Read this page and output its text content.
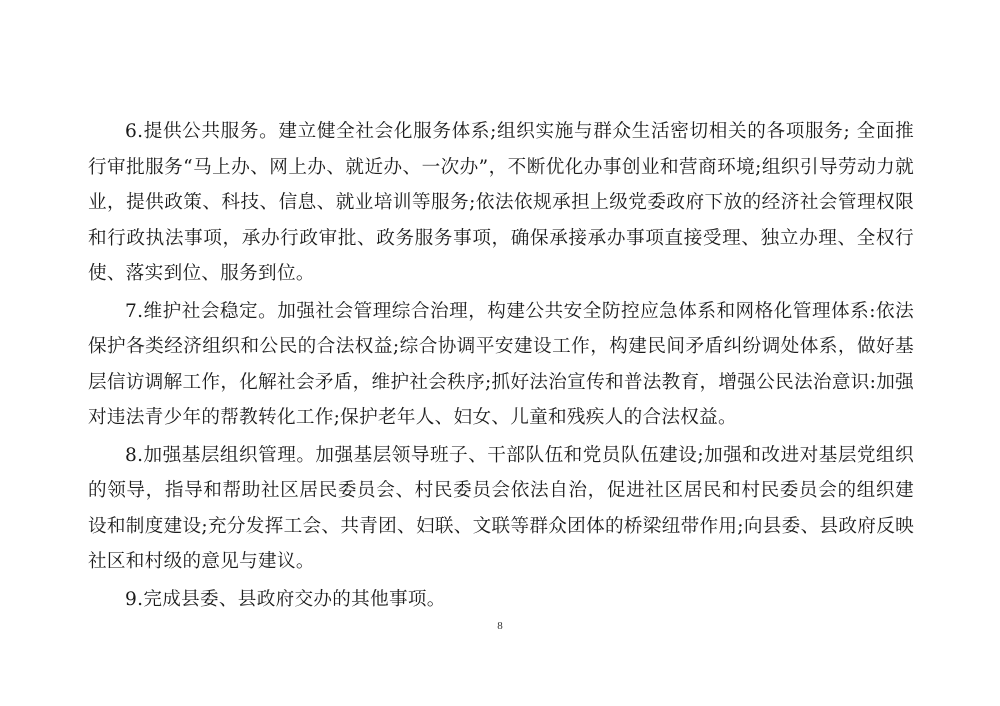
6.提供公共服务。建立健全社会化服务体系;组织实施与群众生活密切相关的各项服务; 全面推行审批服务“马上办、网上办、就近办、一次办”，不断优化办事创业和营商环境;组织引导劳动力就业，提供政策、科技、信息、就业培训等服务;依法依规承担上级党委政府下放的经济社会管理权限和行政执法事项，承办行政审批、政务服务事项，确保承接承办事项直接受理、独立办理、全权行使、落实到位、服务到位。

7.维护社会稳定。加强社会管理综合治理，构建公共安全防控应急体系和网格化管理体系:依法保护各类经济组织和公民的合法权益;综合协调平安建设工作，构建民间矛盾纠纷调处体系，做好基层信访调解工作，化解社会矛盾，维护社会秩序;抓好法治宣传和普法教育，增强公民法治意识:加强对违法青少年的帮教转化工作;保护老年人、妇女、儿童和残疾人的合法权益。

8.加强基层组织管理。加强基层领导班子、干部队伍和党员队伍建设;加强和改进对基层党组织的领导，指导和帮助社区居民委员会、村民委员会依法自治，促进社区居民和村民委员会的组织建设和制度建设;充分发挥工会、共青团、妇联、文联等群众团体的桥梁纽带作用;向县委、县政府反映社区和村级的意见与建议。

9.完成县委、县政府交办的其他事项。

8
